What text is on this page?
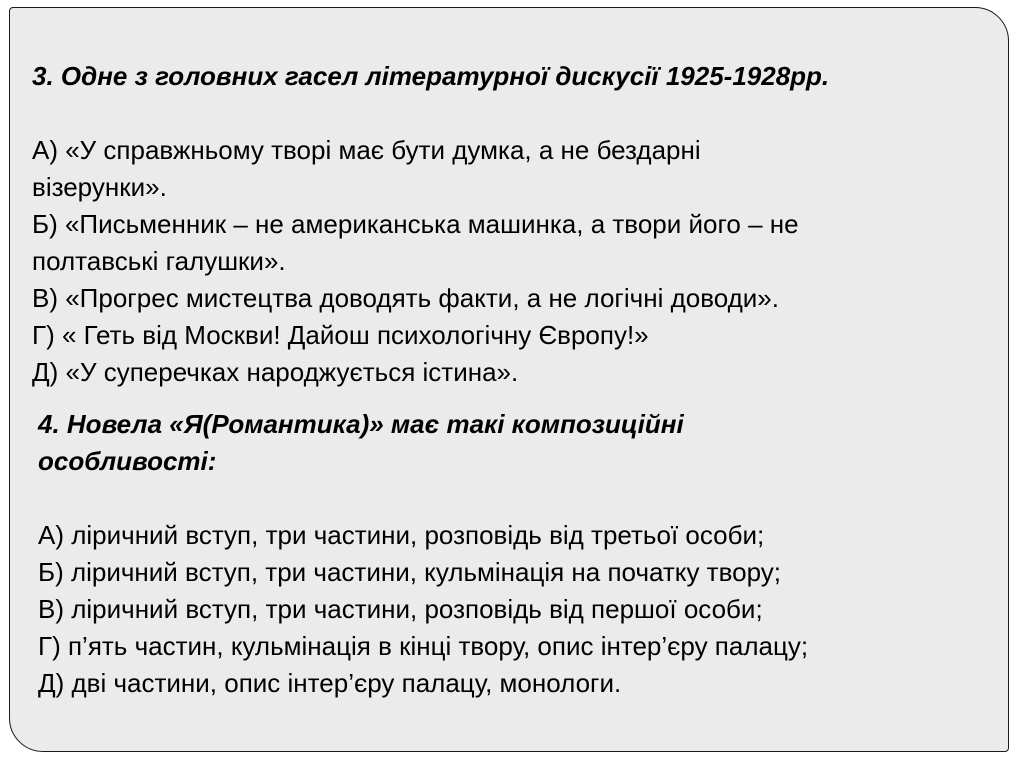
3. Одне з головних гасел літературної дискусії 1925-1928рр.

А) «У справжньому творі має бути думка, а не бездарні

візерунки».

Б) «Письменник – не американська машинка, а твори його – не

полтавські галушки».

В) «Прогрес мистецтва доводять факти, а не логічні доводи».

Г) « Геть від Москви! Дайош психологічну Європу!»

Д) «У суперечках народжується істина».

4. Новела «Я(Романтика)» має такі композиційні

особливості:

А) ліричний вступ, три частини, розповідь від третьої особи;

Б) ліричний вступ, три частини, кульмінація на початку твору;

В) ліричний вступ, три частини, розповідь від першої особи;

Г) п’ять частин, кульмінація в кінці твору, опис інтер’єру палацу;

Д) дві частини, опис інтер’єру палацу, монологи.
